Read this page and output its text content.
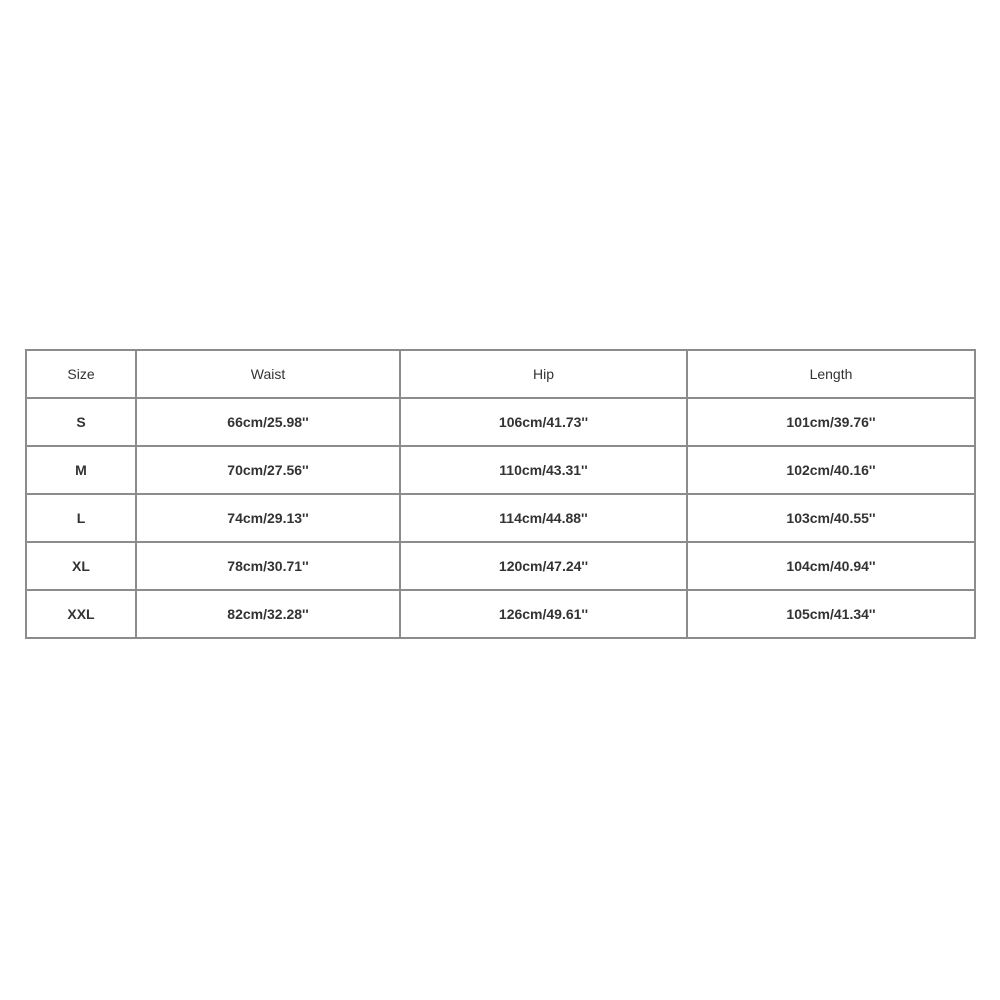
Size	Waist	Hip	Length
S	66cm/25.98''	106cm/41.73''	101cm/39.76''
M	70cm/27.56''	110cm/43.31''	102cm/40.16''
L	74cm/29.13''	114cm/44.88''	103cm/40.55''
XL	78cm/30.71''	120cm/47.24''	104cm/40.94''
XXL	82cm/32.28''	126cm/49.61''	105cm/41.34''
